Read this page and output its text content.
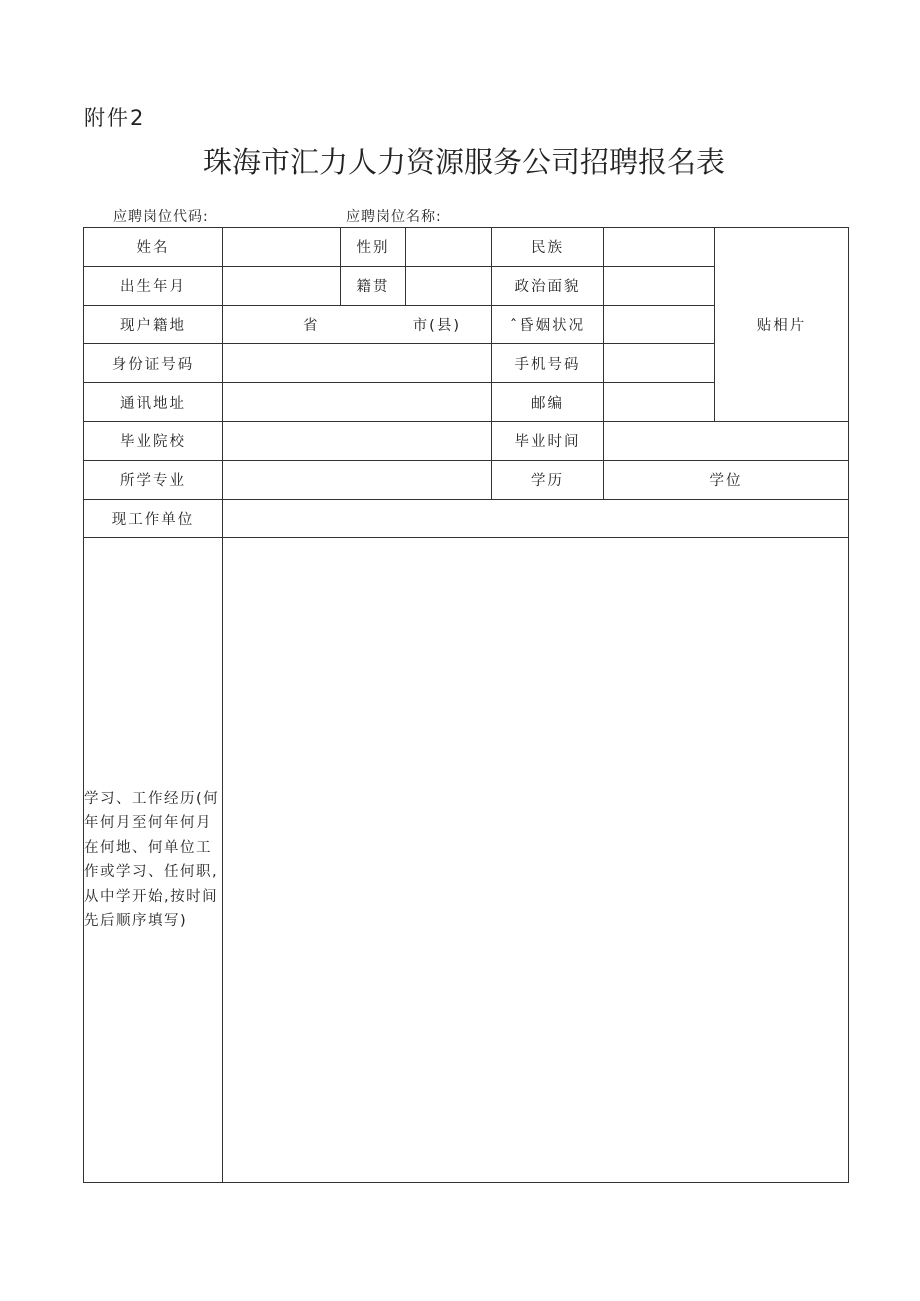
附件2
珠海市汇力人力资源服务公司招聘报名表
应聘岗位代码:	应聘岗位名称:
姓名		性别		民族		贴相片
出生年月		籍贯		政治面貌		
现户籍地	省 市(县)			ˆ昏姻状况		
身份证号码				手机号码		
通讯地址				邮编		
毕业院校				毕业时间		
所学专业				学历	学位	
现工作单位						
学习、工作经历(何年何月至何年何月在何地、何单位工作或学习、任何职,从中学开始,按时间先后顺序填写)						
